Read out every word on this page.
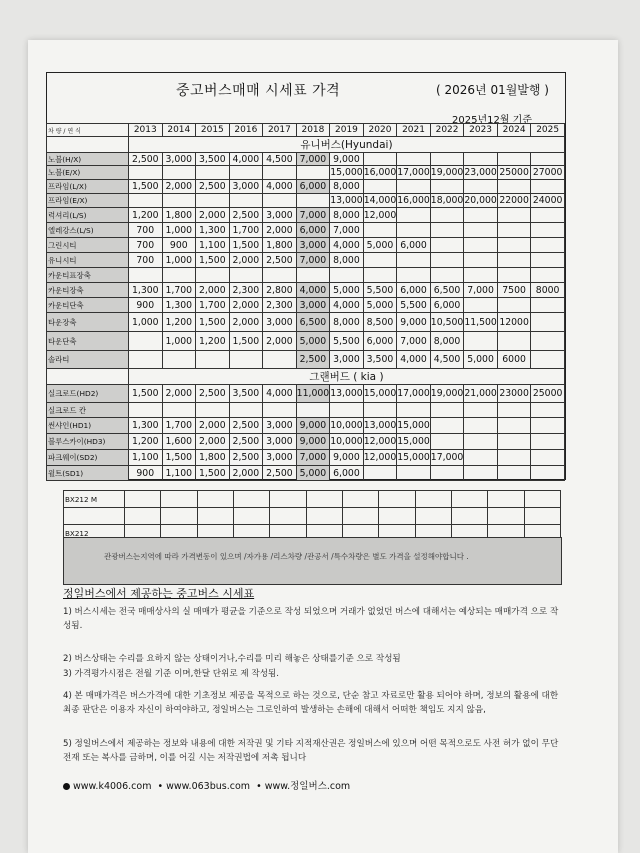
중고버스매매 시세표 가격	( 2026년 01월발행 )
2025년12월 기준
차 량 / 연 식	2013	2014	2015	2016	2017	2018	2019	2020	2021	2022	2023	2024	2025
	유니버스(Hyundai)												
노블(H/X)	2,500	3,000	3,500	4,000	4,500	7,000	9,000						
노블(E/X)							15,000	16,000	17,000	19,000	23,000	25000	27000
프라임(L/X)	1,500	2,000	2,500	3,000	4,000	6,000	8,000						
프라임(E/X)							13,000	14,000	16,000	18,000	20,000	22000	24000
럭셔리(L/S)	1,200	1,800	2,000	2,500	3,000	7,000	8,000	12,000					
엘레강스(L/S)	700	1,000	1,300	1,700	2,000	6,000	7,000						
그린시티	700	900	1,100	1,500	1,800	3,000	4,000	5,000	6,000				
유니시티	700	1,000	1,500	2,000	2,500	7,000	8,000						
카운티표장축													
카운티장축	1,300	1,700	2,000	2,300	2,800	4,000	5,000	5,500	6,000	6,500	7,000	7500	8000
카운티단축	900	1,300	1,700	2,000	2,300	3,000	4,000	5,000	5,500	6,000			
타운장축	1,000	1,200	1,500	2,000	3,000	6,500	8,000	8,500	9,000	10,500	11,500	12000	
타운단축		1,000	1,200	1,500	2,000	5,000	5,500	6,000	7,000	8,000			
솔라티						2,500	3,000	3,500	4,000	4,500	5,000	6000	
	그랜버드 ( kia )												
실크로드(HD2)	1,500	2,000	2,500	3,500	4,000	11,000	13,000	15,000	17,000	19,000	21,000	23000	25000
실크로드 칸													
썬샤인(HD1)	1,300	1,700	2,000	2,500	3,000	9,000	10,000	13,000	15,000				
블루스카이(HD3)	1,200	1,600	2,000	2,500	3,000	9,000	10,000	12,000	15,000				
파크웨이(SD2)	1,100	1,500	1,800	2,500	3,000	7,000	9,000	12,000	15,000	17,000			
윌트(SD1)	900	1,100	1,500	2,000	2,500	5,000	6,000						
BX212 M												

BX212												

관광버스는지역에 따라 가격변동이 있으며 /자가용 /리스차량 /관공서 /특수차량은 별도 가격을 설정해야합니다 .
정일버스에서 제공하는 중고버스 시세표
1) 버스시세는 전국 매매상사의 실 매매가 평균을 기준으로 작성 되었으며 거래가 없었던 버스에 대해서는 예상되는 매매가격 으로 작성됨.
2) 버스상태는 수리를 요하지 않는 상태이거나,수리를 미리 해놓은 상태를기준 으로 작성됨
3) 가격평가시점은 전월 기준 이며,한달 단위로 제 작성됨.
4) 본 매매가격은 버스가격에 대한 기초정보 제공을 목적으로 하는 것으로, 단순 참고 자료로만 활용 되어야 하며, 정보의 활용에 대한 최종 판단은 이용자 자신이 하여야하고, 정일버스는 그로인하여 발생하는 손해에 대해서 어떠한 책임도 지지 않음,
5) 정일버스에서 제공하는 정보와 내용에 대한 저작권 및 기타 지적재산권은 정일버스에 있으며 어떤 목적으로도 사전 허가 없이 무단전재 또는 복사를 금하며, 이를 어길 시는 저작권법에 저촉 됩니다
www.k4006.com  • www.063bus.com  • www.정일버스.com
